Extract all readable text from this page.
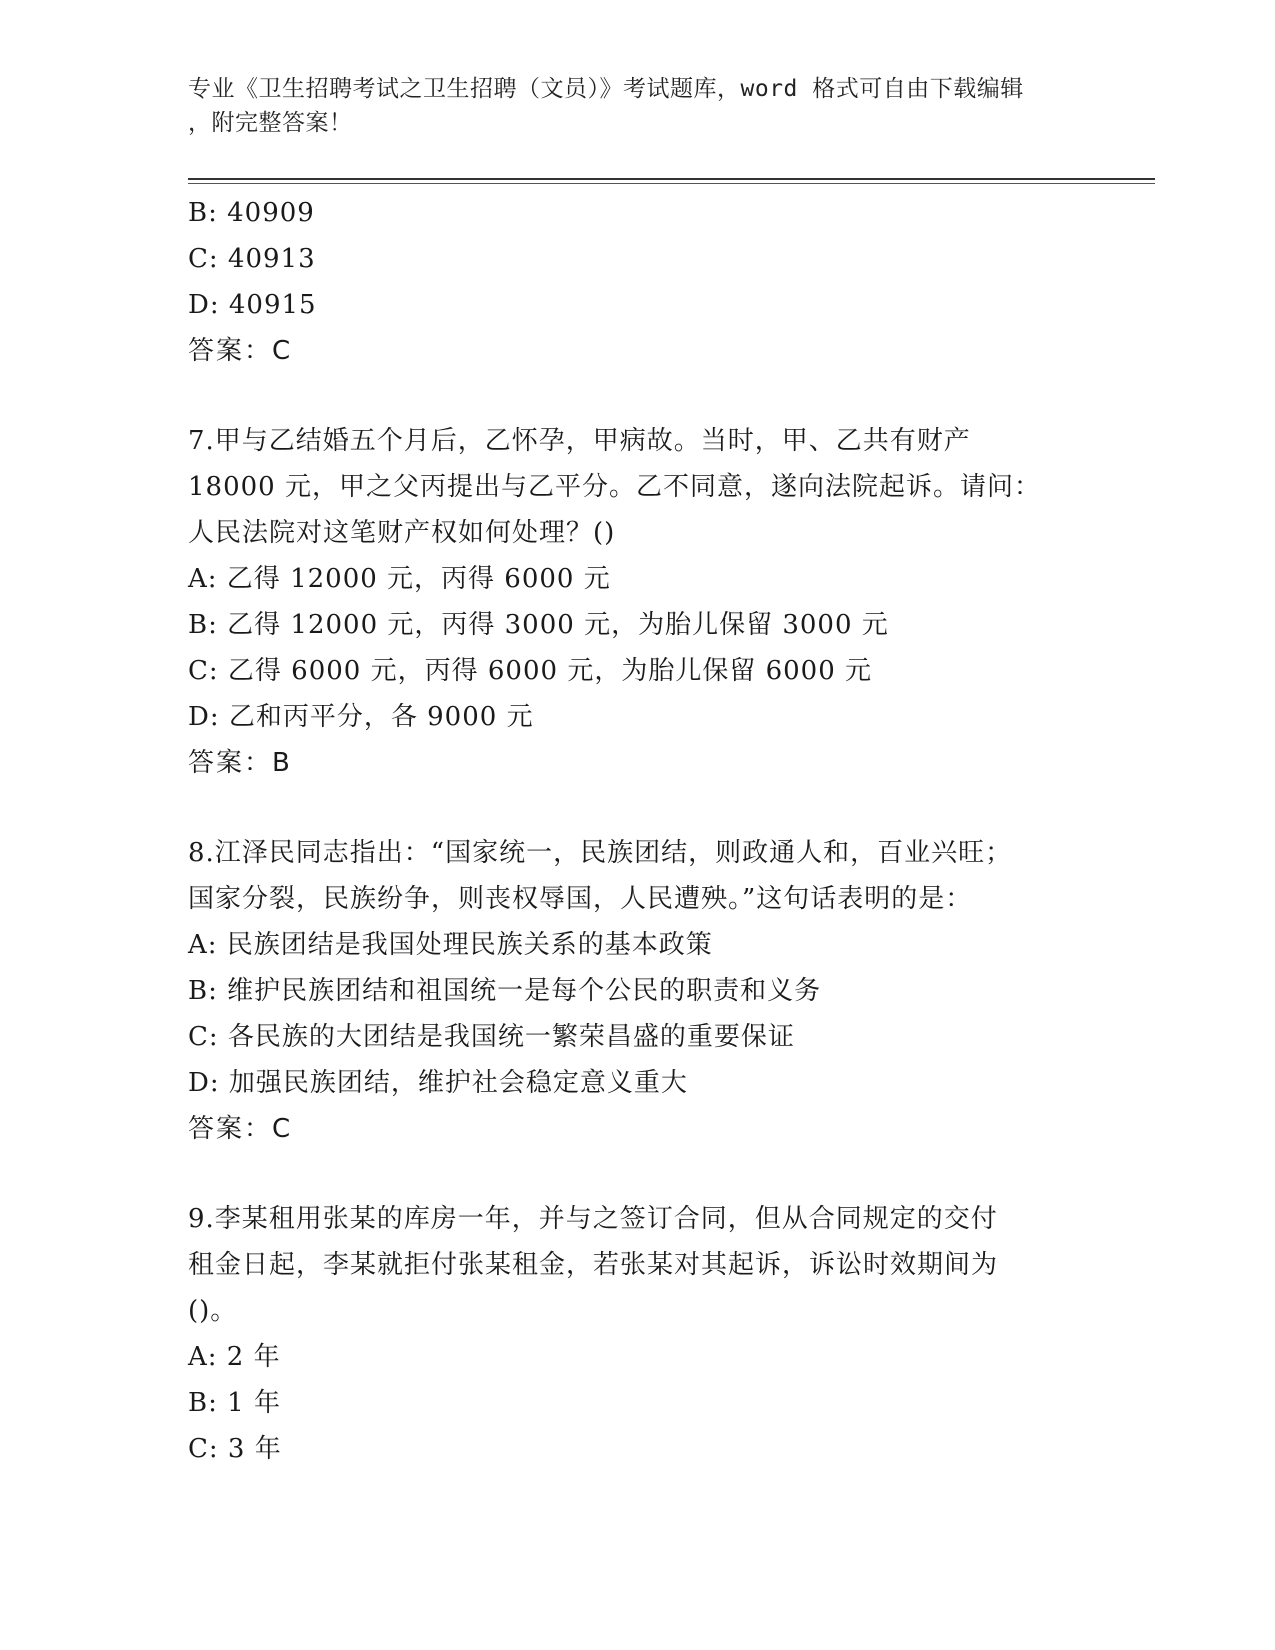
专业《卫生招聘考试之卫生招聘（文员）》考试题库，word 格式可自由下载编辑
，附完整答案！
B: 40909
C: 40913
D: 40915
答案：C
7.甲与乙结婚五个月后，乙怀孕，甲病故。当时，甲、乙共有财产
18000 元，甲之父丙提出与乙平分。乙不同意，遂向法院起诉。请问：
人民法院对这笔财产权如何处理？()
A: 乙得 12000 元，丙得 6000 元
B: 乙得 12000 元，丙得 3000 元，为胎儿保留 3000 元
C: 乙得 6000 元，丙得 6000 元，为胎儿保留 6000 元
D: 乙和丙平分，各 9000 元
答案：B
8.江泽民同志指出：“国家统一，民族团结，则政通人和，百业兴旺；
国家分裂，民族纷争，则丧权辱国，人民遭殃。”这句话表明的是：
A: 民族团结是我国处理民族关系的基本政策
B: 维护民族团结和祖国统一是每个公民的职责和义务
C: 各民族的大团结是我国统一繁荣昌盛的重要保证
D: 加强民族团结，维护社会稳定意义重大
答案：C
9.李某租用张某的库房一年，并与之签订合同，但从合同规定的交付
租金日起，李某就拒付张某租金，若张某对其起诉，诉讼时效期间为
()。
A: 2 年
B: 1 年
C: 3 年
